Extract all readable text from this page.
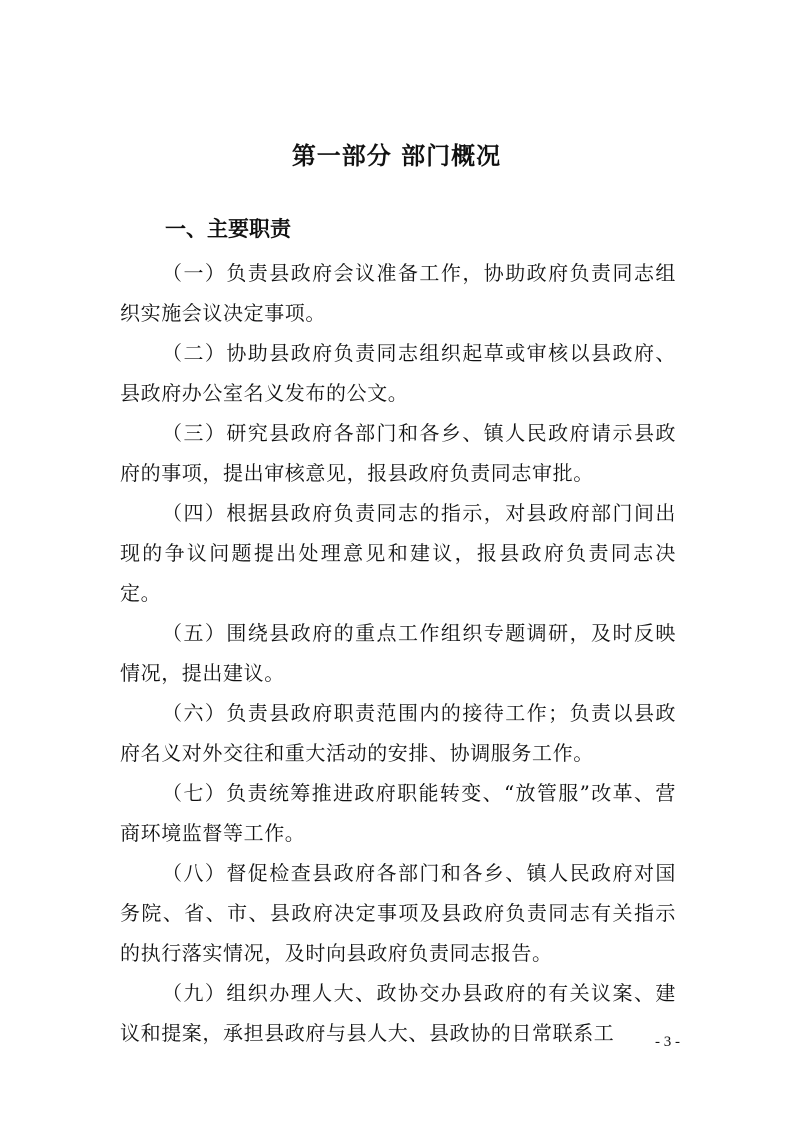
第一部分 部门概况
一、主要职责

（一）负责县政府会议准备工作，协助政府负责同志组织实施会议决定事项。

（二）协助县政府负责同志组织起草或审核以县政府、县政府办公室名义发布的公文。

（三）研究县政府各部门和各乡、镇人民政府请示县政府的事项，提出审核意见，报县政府负责同志审批。

（四）根据县政府负责同志的指示，对县政府部门间出现的争议问题提出处理意见和建议，报县政府负责同志决定。

（五）围绕县政府的重点工作组织专题调研，及时反映情况，提出建议。

（六）负责县政府职责范围内的接待工作；负责以县政府名义对外交往和重大活动的安排、协调服务工作。

（七）负责统筹推进政府职能转变、“放管服”改革、营商环境监督等工作。

（八）督促检查县政府各部门和各乡、镇人民政府对国务院、省、市、县政府决定事项及县政府负责同志有关指示的执行落实情况，及时向县政府负责同志报告。

（九）组织办理人大、政协交办县政府的有关议案、建议和提案，承担县政府与县人大、县政协的日常联系工	- 3 -
